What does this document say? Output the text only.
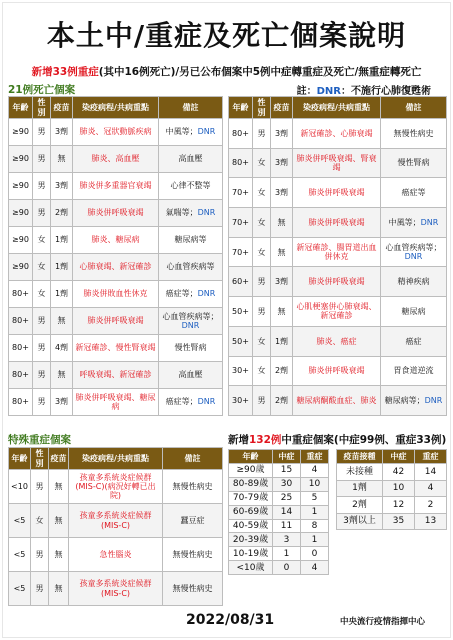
本土中/重症及死亡個案說明
新增33例重症(其中16例死亡)/另已公布個案中5例中症轉重症及死亡/無重症轉死亡
21例死亡個案	註：DNR：不施行心肺復甦術
年齡	性別	疫苗	染疫病程/共病重點	備註
≥90	男	3劑	肺炎、冠狀動脈疾病	中風等；DNR
≥90	男	無	肺炎、高血壓	高血壓
≥90	男	3劑	肺炎併多重器官衰竭	心律不整等
≥90	男	2劑	肺炎併呼吸衰竭	氣喘等；DNR
≥90	女	1劑	肺炎、糖尿病	糖尿病等
≥90	女	1劑	心肺衰竭、新冠確診	心血管疾病等
80+	女	1劑	肺炎併敗血性休克	癌症等；DNR
80+	男	無	肺炎併呼吸衰竭	心血管疾病等；DNR
80+	男	4劑	新冠確診、慢性腎衰竭	慢性腎病
80+	男	無	呼吸衰竭、新冠確診	高血壓
80+	男	3劑	肺炎併呼吸衰竭、糖尿病	癌症等；DNR
年齡	性別	疫苗	染疫病程/共病重點	備註
80+	男	3劑	新冠確診、心肺衰竭	無慢性病史
80+	女	3劑	肺炎併呼吸衰竭、腎衰竭	慢性腎病
70+	女	3劑	肺炎併呼吸衰竭	癌症等
70+	女	無	肺炎併呼吸衰竭	中風等；DNR
70+	女	無	新冠確診、腸胃道出血併休克	心血管疾病等；DNR
60+	男	3劑	肺炎併呼吸衰竭	精神疾病
50+	男	無	心肌梗塞併心肺衰竭、新冠確診	糖尿病
50+	女	1劑	肺炎、癌症	癌症
30+	女	2劑	肺炎併呼吸衰竭	胃食道逆流
30+	男	2劑	糖尿病酮酸血症、肺炎	糖尿病等；DNR
特殊重症個案
年齡	性別	疫苗	染疫病程/共病重點	備註
<10	男	無	孩童多系統炎症候群(MIS-C)(病況好轉已出院)	無慢性病史
<5	女	無	孩童多系統炎症候群(MIS-C)	蠶豆症
<5	男	無	急性腦炎	無慢性病史
<5	男	無	孩童多系統炎症候群(MIS-C)	無慢性病史
新增132例中重症個案(中症99例、重症33例)
年齡	中症	重症
≥90歲	15	4
80-89歲	30	10
70-79歲	25	5
60-69歲	14	1
40-59歲	11	8
20-39歲	3	1
10-19歲	1	0
<10歲	0	4
疫苗接種	中症	重症
未接種	42	14
1劑	10	4
2劑	12	2
3劑以上	35	13
2022/08/31	中央流行疫情指揮中心
